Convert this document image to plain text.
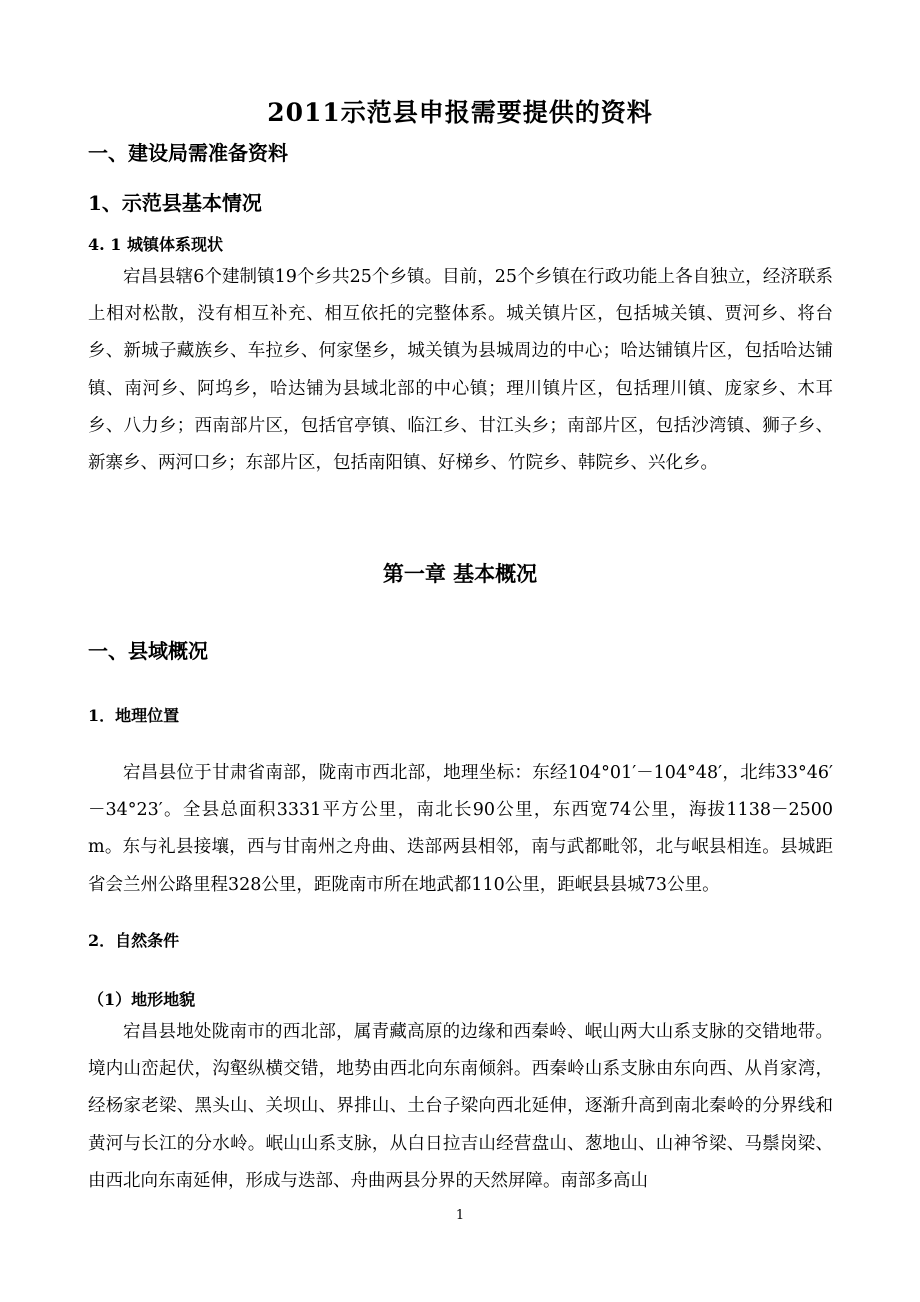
2011示范县申报需要提供的资料
一、建设局需准备资料
1、示范县基本情况
4. 1 城镇体系现状

宕昌县辖6个建制镇19个乡共25个乡镇。目前，25个乡镇在行政功能上各自独立，经济联系上相对松散，没有相互补充、相互依托的完整体系。城关镇片区，包括城关镇、贾河乡、将台乡、新城子藏族乡、车拉乡、何家堡乡，城关镇为县城周边的中心；哈达铺镇片区，包括哈达铺镇、南河乡、阿坞乡，哈达铺为县域北部的中心镇；理川镇片区，包括理川镇、庞家乡、木耳乡、八力乡；西南部片区，包括官亭镇、临江乡、甘江头乡；南部片区，包括沙湾镇、狮子乡、新寨乡、两河口乡；东部片区，包括南阳镇、好梯乡、竹院乡、韩院乡、兴化乡。

第一章 基本概况
一、县域概况
1．地理位置

宕昌县位于甘肃省南部，陇南市西北部，地理坐标：东经104°01′－104°48′，北纬33°46′－34°23′。全县总面积3331平方公里，南北长90公里，东西宽74公里，海拔1138－2500 m。东与礼县接壤，西与甘南州之舟曲、迭部两县相邻，南与武都毗邻，北与岷县相连。县城距省会兰州公路里程328公里，距陇南市所在地武都110公里，距岷县县城73公里。

2．自然条件
（1）地形地貌

宕昌县地处陇南市的西北部，属青藏高原的边缘和西秦岭、岷山两大山系支脉的交错地带。境内山峦起伏，沟壑纵横交错，地势由西北向东南倾斜。西秦岭山系支脉由东向西、从肖家湾，经杨家老梁、黑头山、关坝山、界排山、土台子梁向西北延伸，逐渐升高到南北秦岭的分界线和黄河与长江的分水岭。岷山山系支脉，从白日拉吉山经营盘山、葱地山、山神爷梁、马鬃岗梁、由西北向东南延伸，形成与迭部、舟曲两县分界的天然屏障。南部多高山

1
